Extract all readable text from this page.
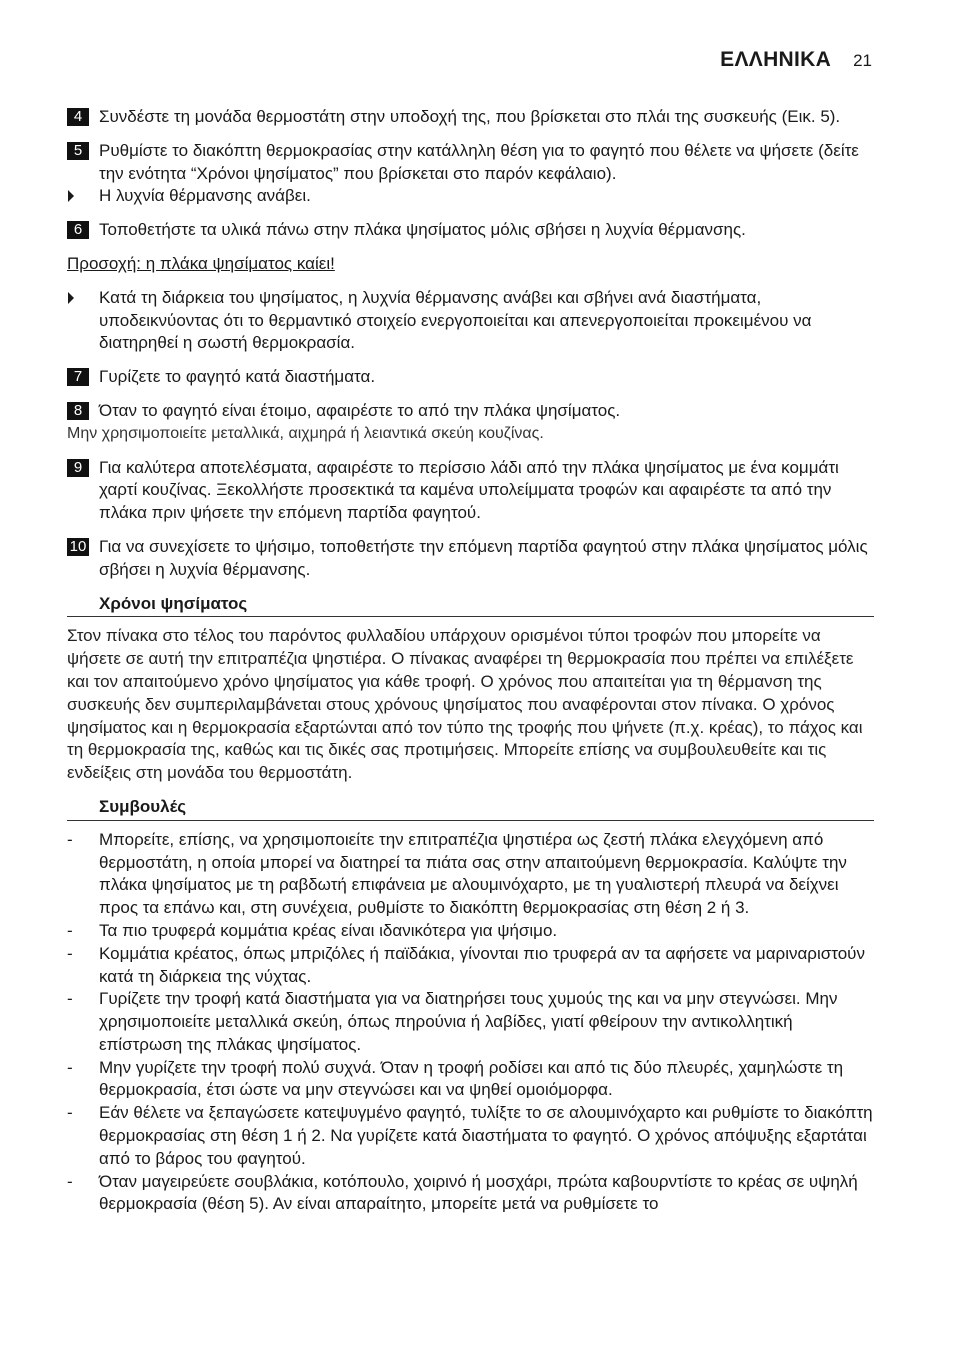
ΕΛΛΗΝΙΚΑ 21
4 Συνδέστε τη μονάδα θερμοστάτη στην υποδοχή της, που βρίσκεται στο πλάι της συσκευής (Εικ. 5).
5 Ρυθμίστε το διακόπτη θερμοκρασίας στην κατάλληλη θέση για το φαγητό που θέλετε να ψήσετε (δείτε την ενότητα “Χρόνοι ψησίματος” που βρίσκεται στο παρόν κεφάλαιο).
Η λυχνία θέρμανσης ανάβει.
6 Τοποθετήστε τα υλικά πάνω στην πλάκα ψησίματος μόλις σβήσει η λυχνία θέρμανσης.
Προσοχή: η πλάκα ψησίματος καίει!
Κατά τη διάρκεια του ψησίματος, η λυχνία θέρμανσης ανάβει και σβήνει ανά διαστήματα, υποδεικνύοντας ότι το θερμαντικό στοιχείο ενεργοποιείται και απενεργοποιείται προκειμένου να διατηρηθεί η σωστή θερμοκρασία.
7 Γυρίζετε το φαγητό κατά διαστήματα.
8 Όταν το φαγητό είναι έτοιμο, αφαιρέστε το από την πλάκα ψησίματος.
Μην χρησιμοποιείτε μεταλλικά, αιχμηρά ή λειαντικά σκεύη κουζίνας.
9 Για καλύτερα αποτελέσματα, αφαιρέστε το περίσσιο λάδι από την πλάκα ψησίματος με ένα κομμάτι χαρτί κουζίνας. Ξεκολλήστε προσεκτικά τα καμένα υπολείμματα τροφών και αφαιρέστε τα από την πλάκα πριν ψήσετε την επόμενη παρτίδα φαγητού.
10 Για να συνεχίσετε το ψήσιμο, τοποθετήστε την επόμενη παρτίδα φαγητού στην πλάκα ψησίματος μόλις σβήσει η λυχνία θέρμανσης.
Χρόνοι ψησίματος
Στον πίνακα στο τέλος του παρόντος φυλλαδίου υπάρχουν ορισμένοι τύποι τροφών που μπορείτε να ψήσετε σε αυτή την επιτραπέζια ψηστιέρα. Ο πίνακας αναφέρει τη θερμοκρασία που πρέπει να επιλέξετε και τον απαιτούμενο χρόνο ψησίματος για κάθε τροφή. Ο χρόνος που απαιτείται για τη θέρμανση της συσκευής δεν συμπεριλαμβάνεται στους χρόνους ψησίματος που αναφέρονται στον πίνακα. Ο χρόνος ψησίματος και η θερμοκρασία εξαρτώνται από τον τύπο της τροφής που ψήνετε (π.χ. κρέας), το πάχος και τη θερμοκρασία της, καθώς και τις δικές σας προτιμήσεις. Μπορείτε επίσης να συμβουλευθείτε και τις ενδείξεις στη μονάδα του θερμοστάτη.
Συμβουλές
- Μπορείτε, επίσης, να χρησιμοποιείτε την επιτραπέζια ψηστιέρα ως ζεστή πλάκα ελεγχόμενη από θερμοστάτη, η οποία μπορεί να διατηρεί τα πιάτα σας στην απαιτούμενη θερμοκρασία. Καλύψτε την πλάκα ψησίματος με τη ραβδωτή επιφάνεια με αλουμινόχαρτο, με τη γυαλιστερή πλευρά να δείχνει προς τα επάνω και, στη συνέχεια, ρυθμίστε το διακόπτη θερμοκρασίας στη θέση 2 ή 3.
- Τα πιο τρυφερά κομμάτια κρέας είναι ιδανικότερα για ψήσιμο.
- Κομμάτια κρέατος, όπως μπριζόλες ή παϊδάκια, γίνονται πιο τρυφερά αν τα αφήσετε να μαριναριστούν κατά τη διάρκεια της νύχτας.
- Γυρίζετε την τροφή κατά διαστήματα για να διατηρήσει τους χυμούς της και να μην στεγνώσει. Μην χρησιμοποιείτε μεταλλικά σκεύη, όπως πηρούνια ή λαβίδες, γιατί φθείρουν την αντικολλητική επίστρωση της πλάκας ψησίματος.
- Μην γυρίζετε την τροφή πολύ συχνά. Όταν η τροφή ροδίσει και από τις δύο πλευρές, χαμηλώστε τη θερμοκρασία, έτσι ώστε να μην στεγνώσει και να ψηθεί ομοιόμορφα.
- Εάν θέλετε να ξεπαγώσετε κατεψυγμένο φαγητό, τυλίξτε το σε αλουμινόχαρτο και ρυθμίστε το διακόπτη θερμοκρασίας στη θέση 1 ή 2. Να γυρίζετε κατά διαστήματα το φαγητό. Ο χρόνος απόψυξης εξαρτάται από το βάρος του φαγητού.
- Όταν μαγειρεύετε σουβλάκια, κοτόπουλο, χοιρινό ή μοσχάρι, πρώτα καβουρντίστε το κρέας σε υψηλή θερμοκρασία (θέση 5). Αν είναι απαραίτητο, μπορείτε μετά να ρυθμίσετε το
